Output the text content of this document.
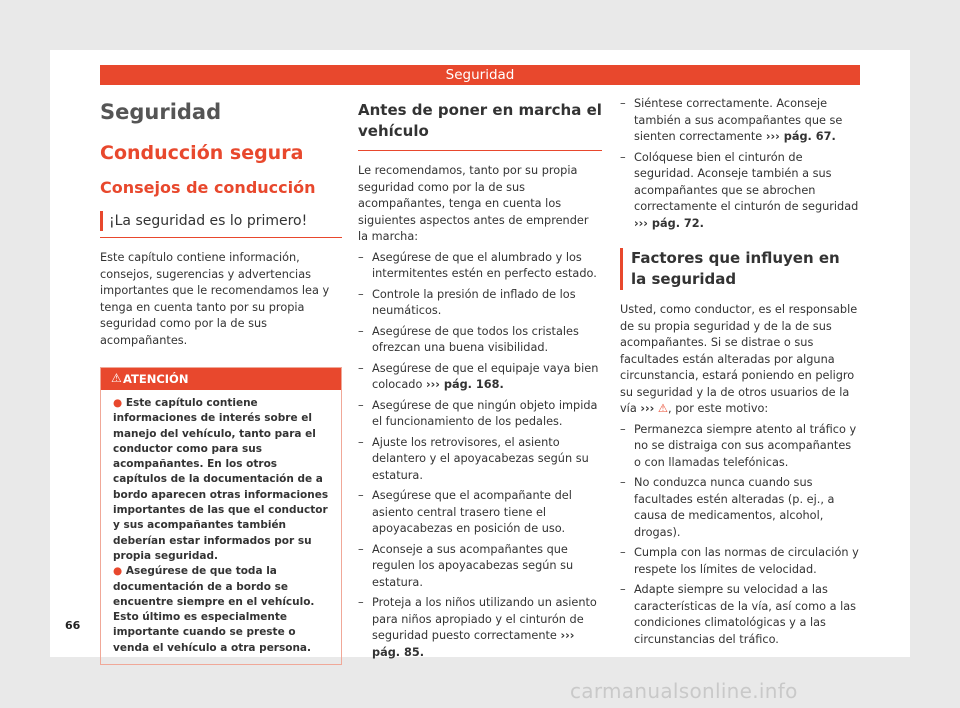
Seguridad
Seguridad
Conducción segura
Consejos de conducción
¡La seguridad es lo primero!

Este capítulo contiene información, consejos, sugerencias y advertencias importantes que le recomendamos lea y tenga en cuenta tanto por su propia seguridad como por la de sus acompañantes.

⚠ ATENCIÓN

● Este capítulo contiene informaciones de interés sobre el manejo del vehículo, tanto para el conductor como para sus acompañantes. En los otros capítulos de la documentación de a bordo aparecen otras informaciones importantes de las que el conductor y sus acompañantes también deberían estar informados por su propia seguridad.

● Asegúrese de que toda la documentación de a bordo se encuentre siempre en el vehículo. Esto último es especialmente importante cuando se preste o venda el vehículo a otra persona.

Antes de poner en marcha el vehículo

Le recomendamos, tanto por su propia seguridad como por la de sus acompañantes, tenga en cuenta los siguientes aspectos antes de emprender la marcha:

– Asegúrese de que el alumbrado y los intermitentes estén en perfecto estado.
– Controle la presión de inflado de los neumáticos.
– Asegúrese de que todos los cristales ofrezcan una buena visibilidad.
– Asegúrese de que el equipaje vaya bien colocado ››› pág. 168.
– Asegúrese de que ningún objeto impida el funcionamiento de los pedales.
– Ajuste los retrovisores, el asiento delantero y el apoyacabezas según su estatura.
– Asegúrese que el acompañante del asiento central trasero tiene el apoyacabezas en posición de uso.
– Aconseje a sus acompañantes que regulen los apoyacabezas según su estatura.
– Proteja a los niños utilizando un asiento para niños apropiado y el cinturón de seguridad puesto correctamente ››› pág. 85.
– Siéntese correctamente. Aconseje también a sus acompañantes que se sienten correctamente ››› pág. 67.
– Colóquese bien el cinturón de seguridad. Aconseje también a sus acompañantes que se abrochen correctamente el cinturón de seguridad ››› pág. 72.
Factores que influyen en la seguridad

Usted, como conductor, es el responsable de su propia seguridad y de la de sus acompañantes. Si se distrae o sus facultades están alteradas por alguna circunstancia, estará poniendo en peligro su seguridad y la de otros usuarios de la vía ››› ⚠, por este motivo:

– Permanezca siempre atento al tráfico y no se distraiga con sus acompañantes o con llamadas telefónicas.
– No conduzca nunca cuando sus facultades estén alteradas (p. ej., a causa de medicamentos, alcohol, drogas).
– Cumpla con las normas de circulación y respete los límites de velocidad.
– Adapte siempre su velocidad a las características de la vía, así como a las condiciones climatológicas y a las circunstancias del tráfico.
66
carmanualsonline.info
